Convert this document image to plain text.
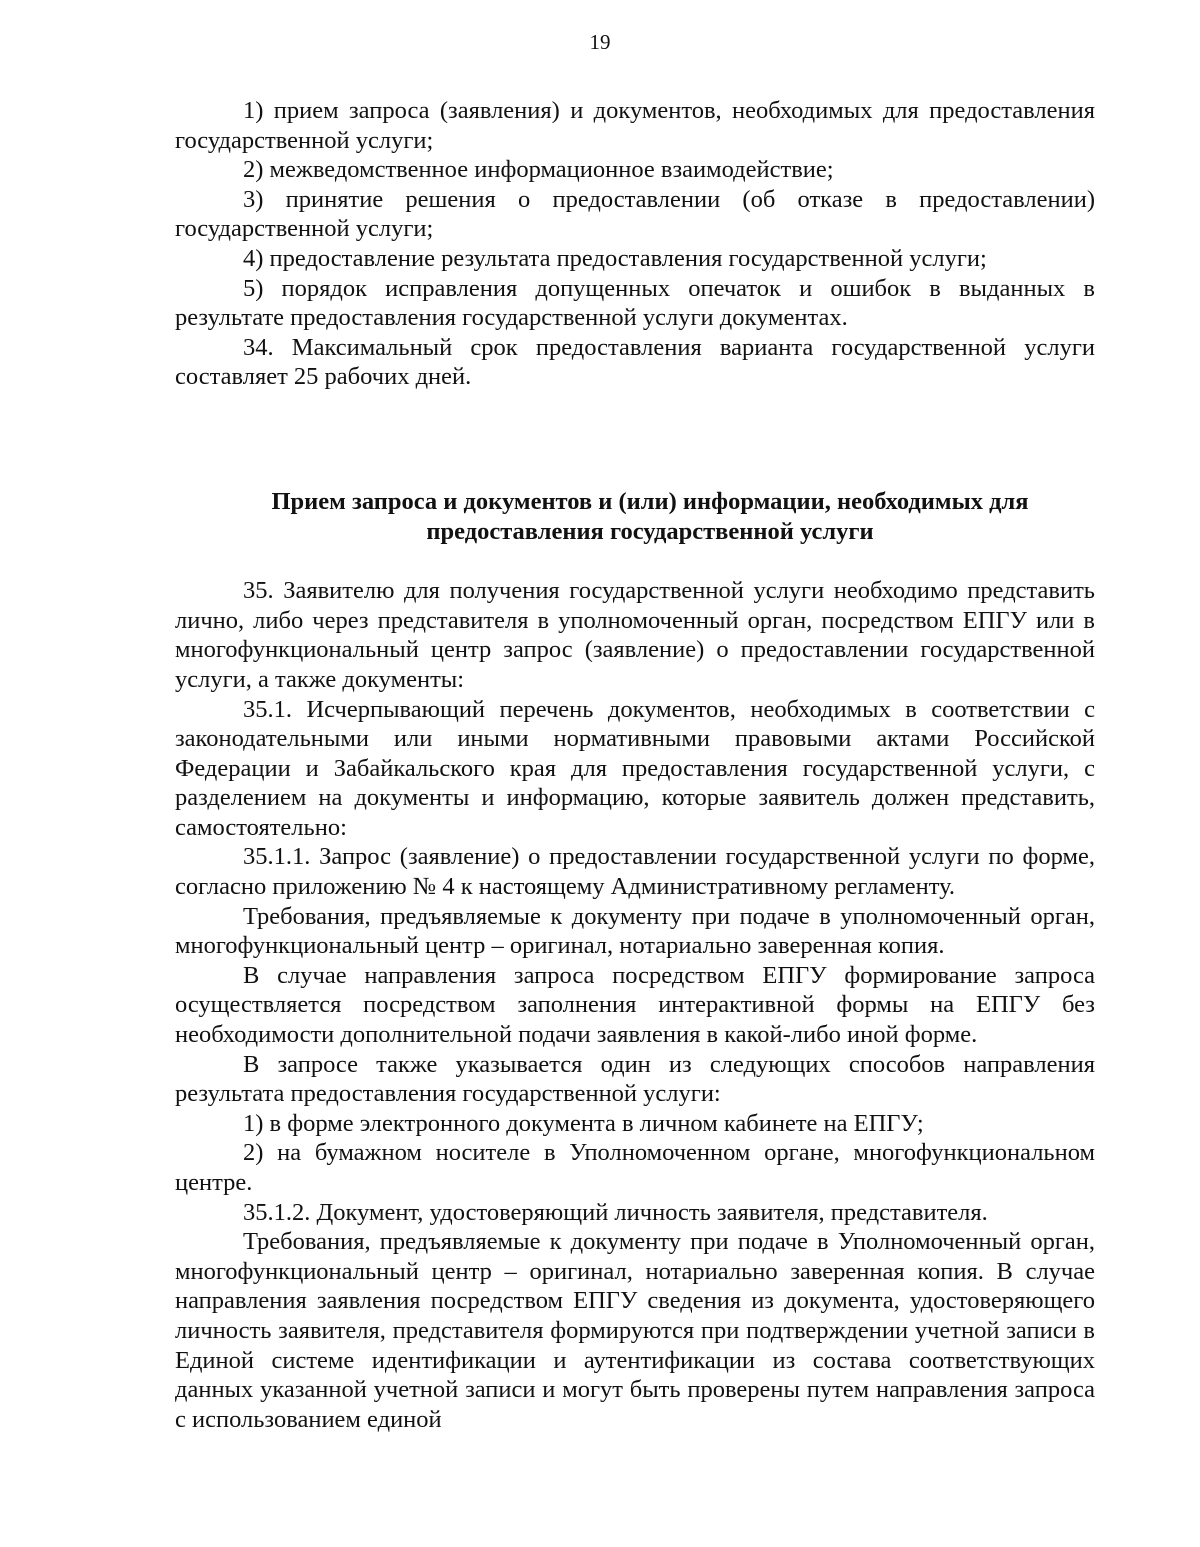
19

1) прием запроса (заявления) и документов, необходимых для предоставления государственной услуги;

2) межведомственное информационное взаимодействие;

3) принятие решения о предоставлении (об отказе в предоставлении) государственной услуги;

4) предоставление результата предоставления государственной услуги;

5) порядок исправления допущенных опечаток и ошибок в выданных в результате предоставления государственной услуги документах.

34. Максимальный срок предоставления варианта государственной услуги составляет 25 рабочих дней.

Прием запроса и документов и (или) информации, необходимых для
предоставления государственной услуги

35. Заявителю для получения государственной услуги необходимо представить лично, либо через представителя в уполномоченный орган, посредством ЕПГУ или в многофункциональный центр запрос (заявление) о предоставлении государственной услуги, а также документы:

35.1. Исчерпывающий перечень документов, необходимых в соответствии с законодательными или иными нормативными правовыми актами Российской Федерации и Забайкальского края для предоставления государственной услуги, с разделением на документы и информацию, которые заявитель должен представить, самостоятельно:

35.1.1. Запрос (заявление) о предоставлении государственной услуги по форме, согласно приложению № 4 к настоящему Административному регламенту.

Требования, предъявляемые к документу при подаче в уполномоченный орган, многофункциональный центр – оригинал, нотариально заверенная копия.

В случае направления запроса посредством ЕПГУ формирование запроса осуществляется посредством заполнения интерактивной формы на ЕПГУ без необходимости дополнительной подачи заявления в какой-либо иной форме.

В запросе также указывается один из следующих способов направления результата предоставления государственной услуги:

1) в форме электронного документа в личном кабинете на ЕПГУ;

2) на бумажном носителе в Уполномоченном органе, многофункциональном центре.

35.1.2. Документ, удостоверяющий личность заявителя, представителя.

Требования, предъявляемые к документу при подаче в Уполномоченный орган, многофункциональный центр – оригинал, нотариально заверенная копия. В случае направления заявления посредством ЕПГУ сведения из документа, удостоверяющего личность заявителя, представителя формируются при подтверждении учетной записи в Единой системе идентификации и аутентификации из состава соответствующих данных указанной учетной записи и могут быть проверены путем направления запроса с использованием единой
